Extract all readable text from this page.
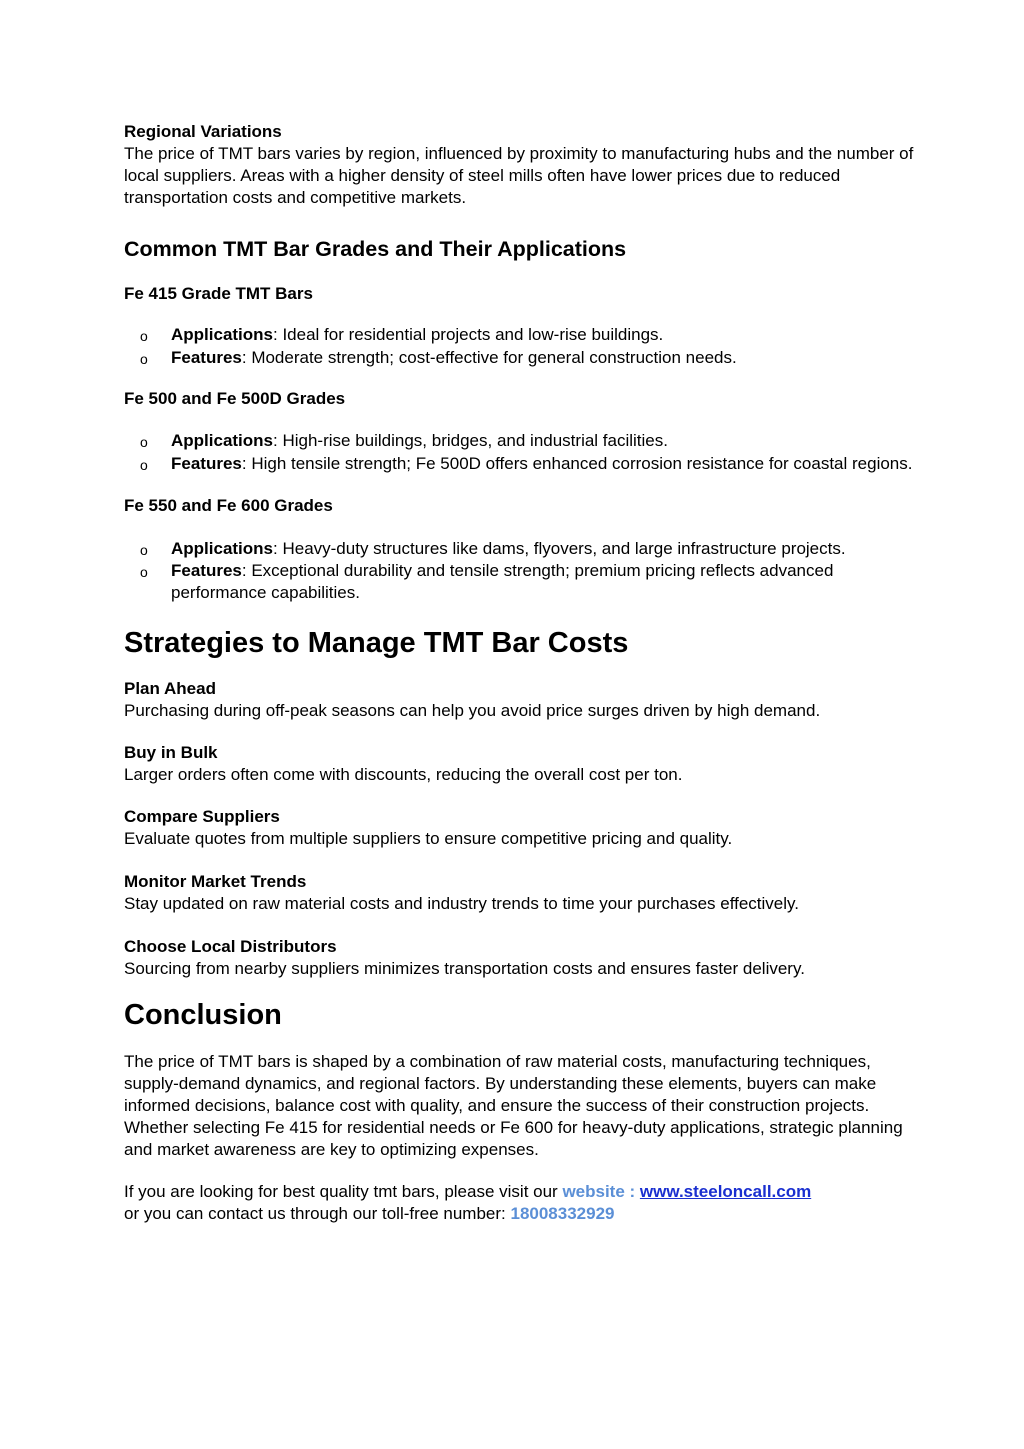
Regional Variations

The price of TMT bars varies by region, influenced by proximity to manufacturing hubs and the number of local suppliers. Areas with a higher density of steel mills often have lower prices due to reduced transportation costs and competitive markets.

Common TMT Bar Grades and Their Applications
Fe 415 Grade TMT Bars
o Applications: Ideal for residential projects and low-rise buildings.
o Features: Moderate strength; cost-effective for general construction needs.
Fe 500 and Fe 500D Grades
o Applications: High-rise buildings, bridges, and industrial facilities.
o Features: High tensile strength; Fe 500D offers enhanced corrosion resistance for coastal regions.
Fe 550 and Fe 600 Grades
o Applications: Heavy-duty structures like dams, flyovers, and large infrastructure projects.
o Features: Exceptional durability and tensile strength; premium pricing reflects advanced performance capabilities.
Strategies to Manage TMT Bar Costs
Plan Ahead

Purchasing during off-peak seasons can help you avoid price surges driven by high demand.

Buy in Bulk

Larger orders often come with discounts, reducing the overall cost per ton.

Compare Suppliers

Evaluate quotes from multiple suppliers to ensure competitive pricing and quality.

Monitor Market Trends

Stay updated on raw material costs and industry trends to time your purchases effectively.

Choose Local Distributors

Sourcing from nearby suppliers minimizes transportation costs and ensures faster delivery.

Conclusion

The price of TMT bars is shaped by a combination of raw material costs, manufacturing techniques, supply-demand dynamics, and regional factors. By understanding these elements, buyers can make informed decisions, balance cost with quality, and ensure the success of their construction projects. Whether selecting Fe 415 for residential needs or Fe 600 for heavy-duty applications, strategic planning and market awareness are key to optimizing expenses.

If you are looking for best quality tmt bars, please visit our website : www.steeloncall.com
or you can contact us through our toll-free number: 18008332929
